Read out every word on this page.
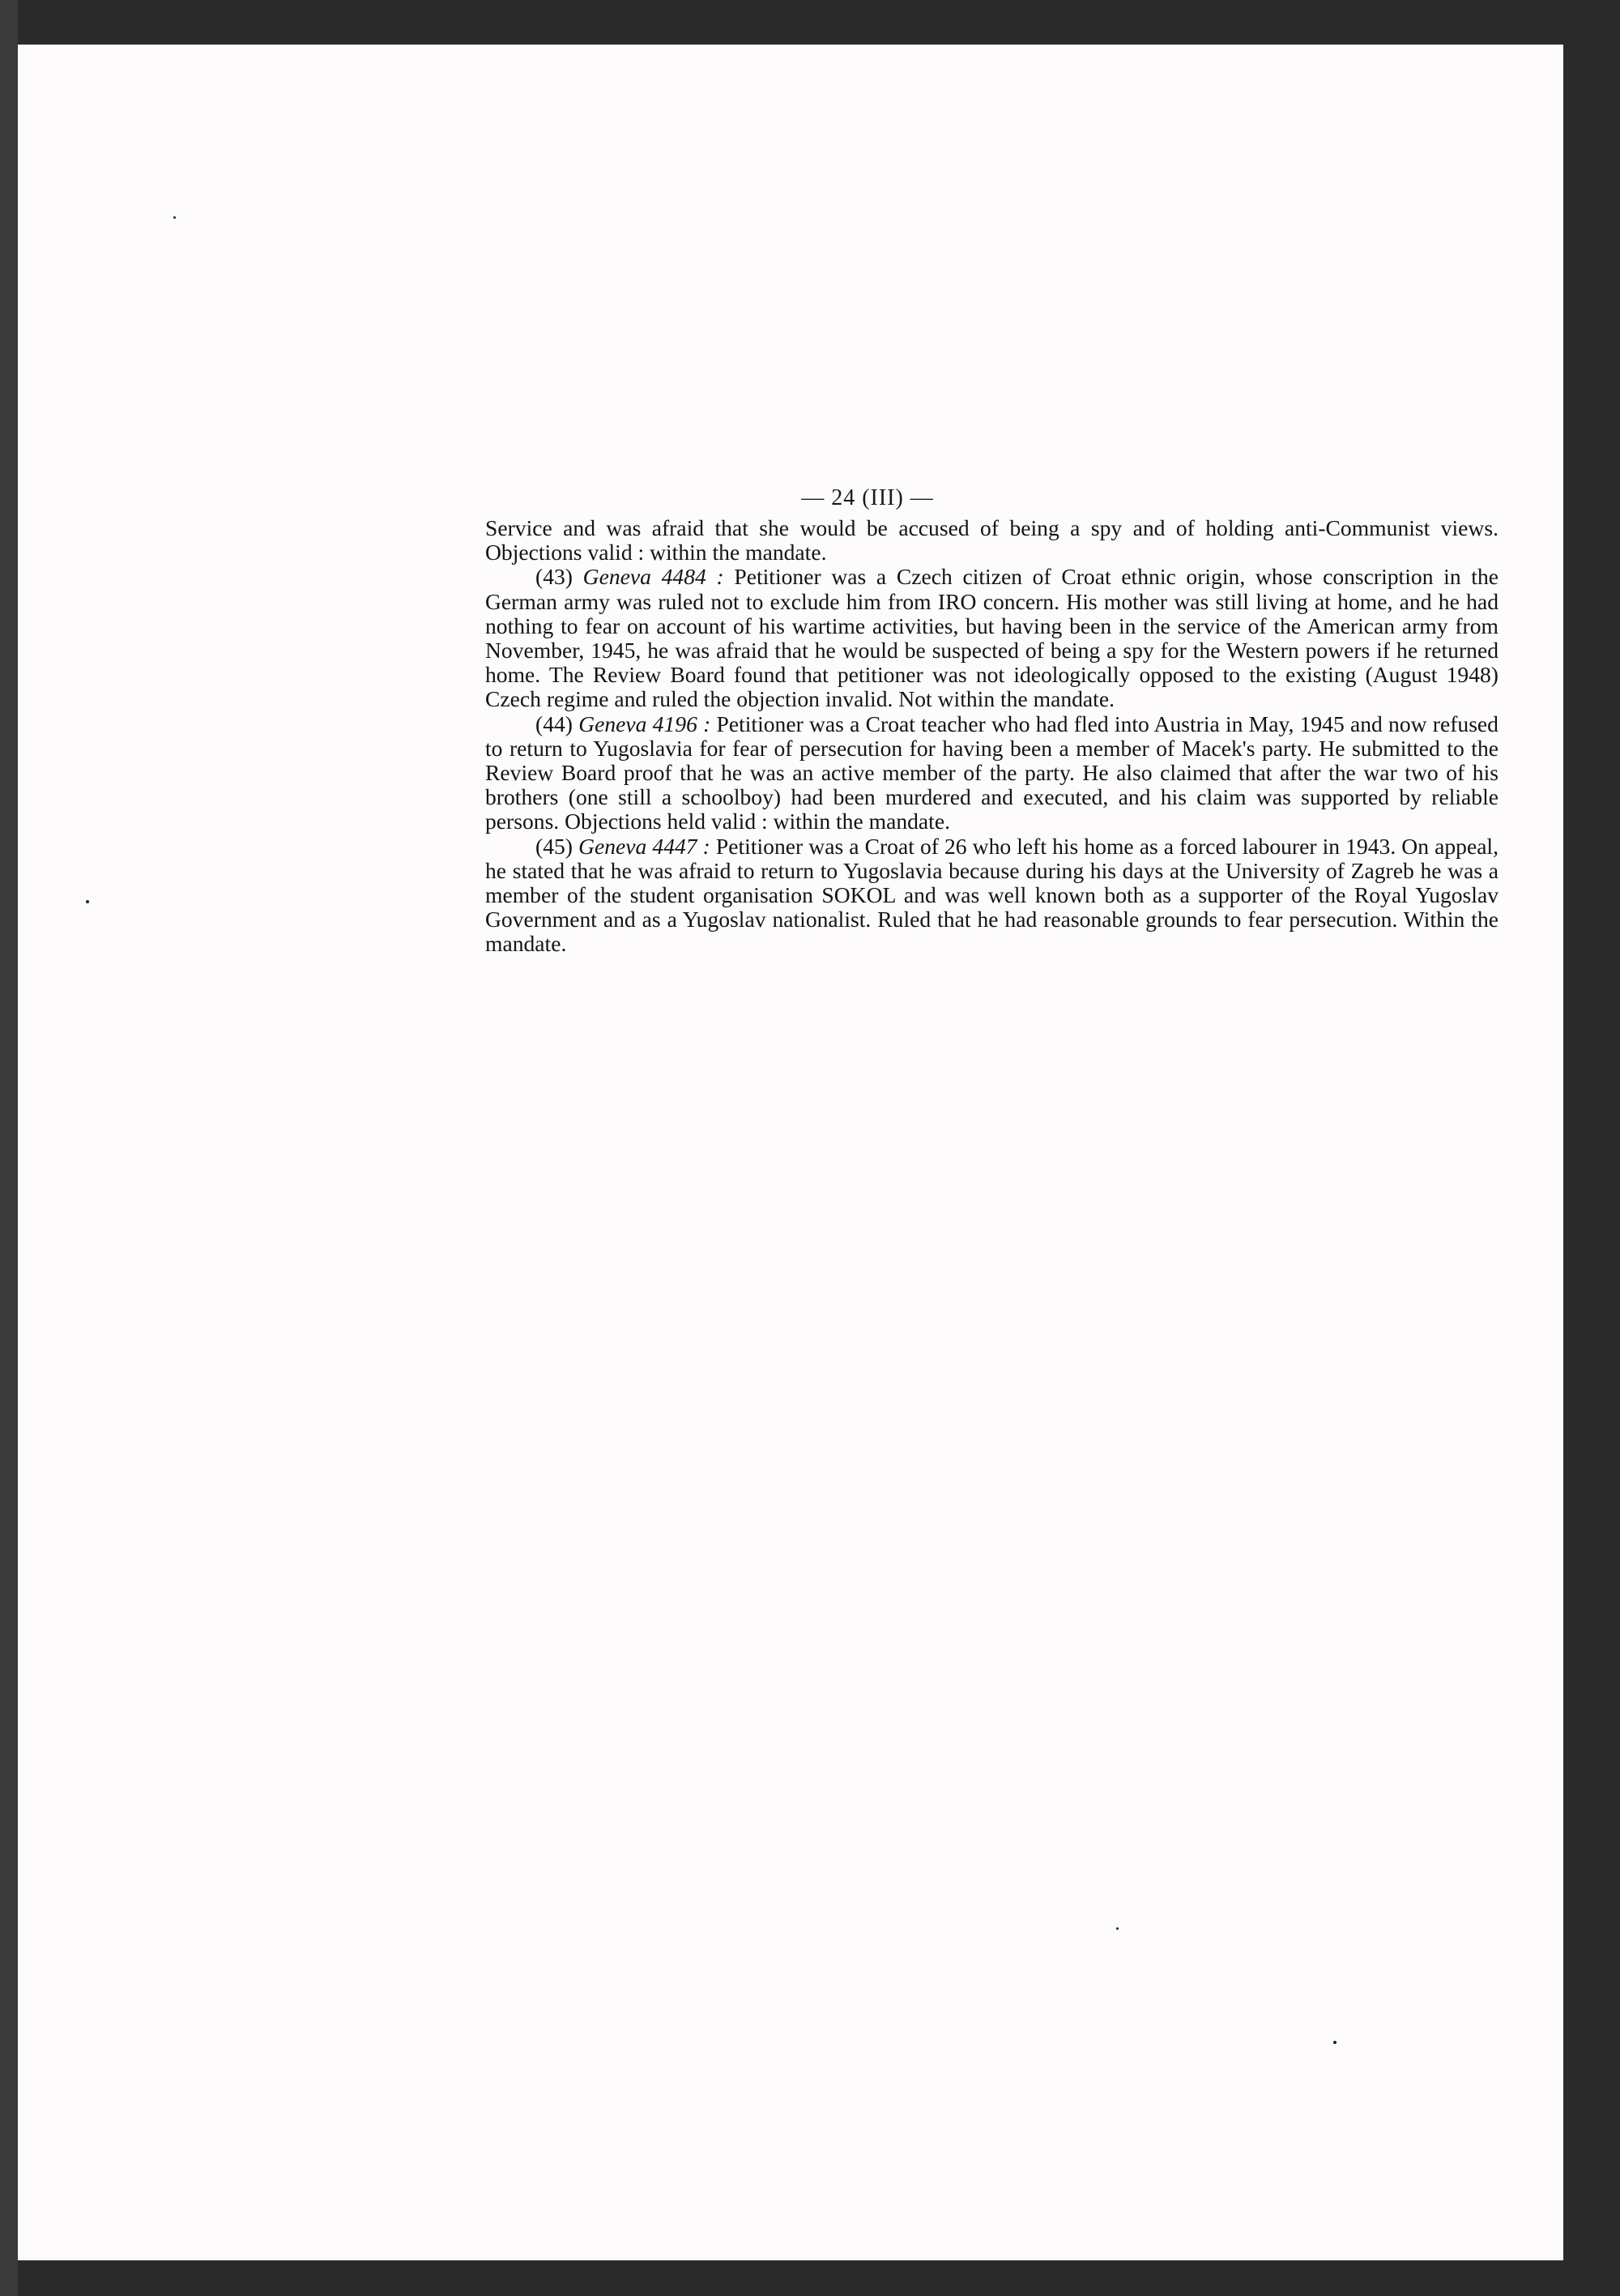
— 24 (III) —

Service and was afraid that she would be accused of being a spy and of holding anti-Communist views. Objections valid : within the mandate.

(43) Geneva 4484 : Petitioner was a Czech citizen of Croat ethnic origin, whose conscription in the German army was ruled not to exclude him from IRO concern. His mother was still living at home, and he had nothing to fear on account of his wartime activities, but having been in the service of the American army from November, 1945, he was afraid that he would be suspected of being a spy for the Western powers if he returned home. The Review Board found that petitioner was not ideologically opposed to the existing (August 1948) Czech regime and ruled the objection invalid. Not within the mandate.

(44) Geneva 4196 : Petitioner was a Croat teacher who had fled into Austria in May, 1945 and now refused to return to Yugoslavia for fear of persecution for having been a member of Macek's party. He submitted to the Review Board proof that he was an active member of the party. He also claimed that after the war two of his brothers (one still a schoolboy) had been murdered and executed, and his claim was supported by reliable persons. Objections held valid : within the mandate.

(45) Geneva 4447 : Petitioner was a Croat of 26 who left his home as a forced labourer in 1943. On appeal, he stated that he was afraid to return to Yugoslavia because during his days at the University of Zagreb he was a member of the student organisation SOKOL and was well known both as a supporter of the Royal Yugoslav Government and as a Yugoslav nationalist. Ruled that he had reasonable grounds to fear persecution. Within the mandate.
